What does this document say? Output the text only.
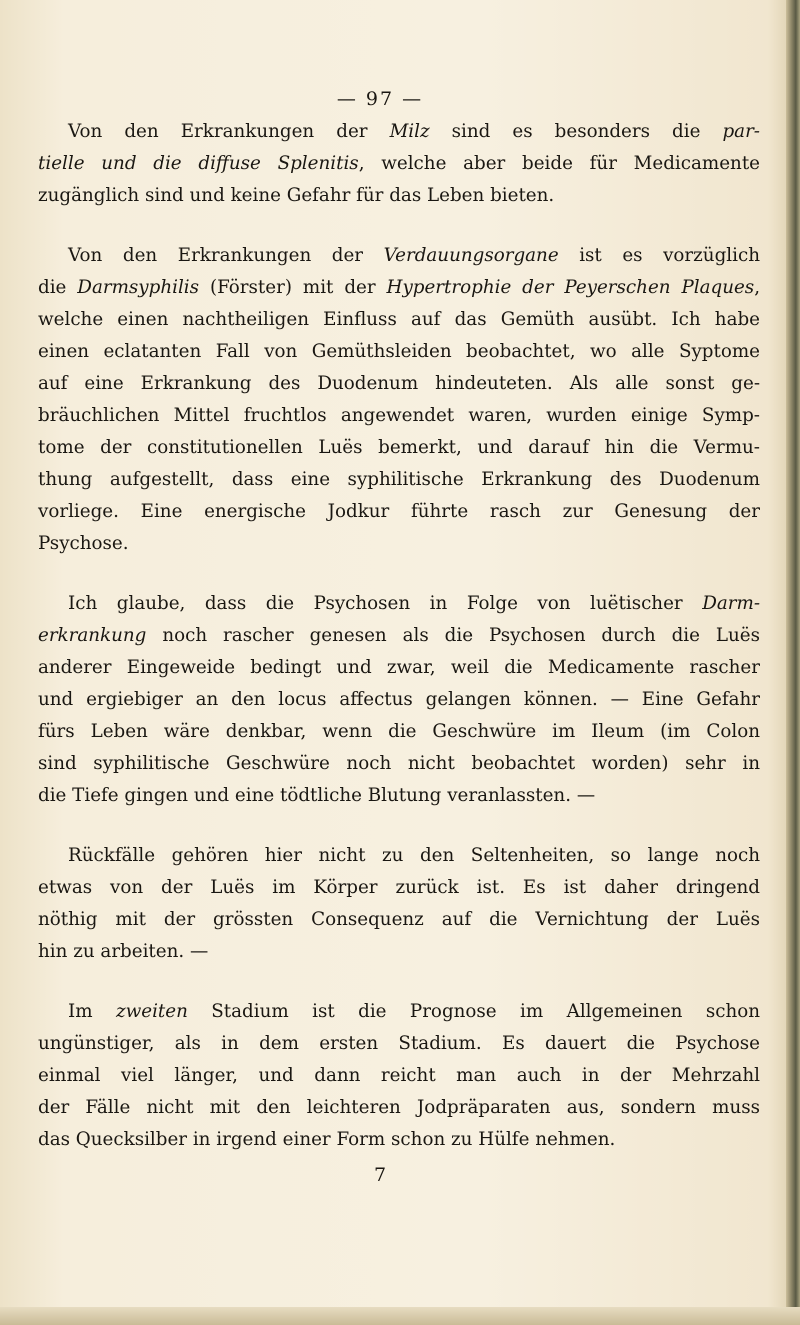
— 97 —
Von den Erkrankungen der Milz sind es besonders die par-
tielle und die diffuse Splenitis, welche aber beide für Medicamente
zugänglich sind und keine Gefahr für das Leben bieten.
Von den Erkrankungen der Verdauungsorgane ist es vorzüglich
die Darmsyphilis (Förster) mit der Hypertrophie der Peyerschen Plaques,
welche einen nachtheiligen Einfluss auf das Gemüth ausübt. Ich habe
einen eclatanten Fall von Gemüthsleiden beobachtet, wo alle Syptome
auf eine Erkrankung des Duodenum hindeuteten. Als alle sonst ge-
bräuchlichen Mittel fruchtlos angewendet waren, wurden einige Symp-
tome der constitutionellen Luës bemerkt, und darauf hin die Vermu-
thung aufgestellt, dass eine syphilitische Erkrankung des Duodenum
vorliege. Eine energische Jodkur führte rasch zur Genesung der
Psychose.
Ich glaube, dass die Psychosen in Folge von luëtischer Darm-
erkrankung noch rascher genesen als die Psychosen durch die Luës
anderer Eingeweide bedingt und zwar, weil die Medicamente rascher
und ergiebiger an den locus affectus gelangen können. — Eine Gefahr
fürs Leben wäre denkbar, wenn die Geschwüre im Ileum (im Colon
sind syphilitische Geschwüre noch nicht beobachtet worden) sehr in
die Tiefe gingen und eine tödtliche Blutung veranlassten. —
Rückfälle gehören hier nicht zu den Seltenheiten, so lange noch
etwas von der Luës im Körper zurück ist. Es ist daher dringend
nöthig mit der grössten Consequenz auf die Vernichtung der Luës
hin zu arbeiten. —
Im zweiten Stadium ist die Prognose im Allgemeinen schon
ungünstiger, als in dem ersten Stadium. Es dauert die Psychose
einmal viel länger, und dann reicht man auch in der Mehrzahl
der Fälle nicht mit den leichteren Jodpräparaten aus, sondern muss
das Quecksilber in irgend einer Form schon zu Hülfe nehmen.
7
